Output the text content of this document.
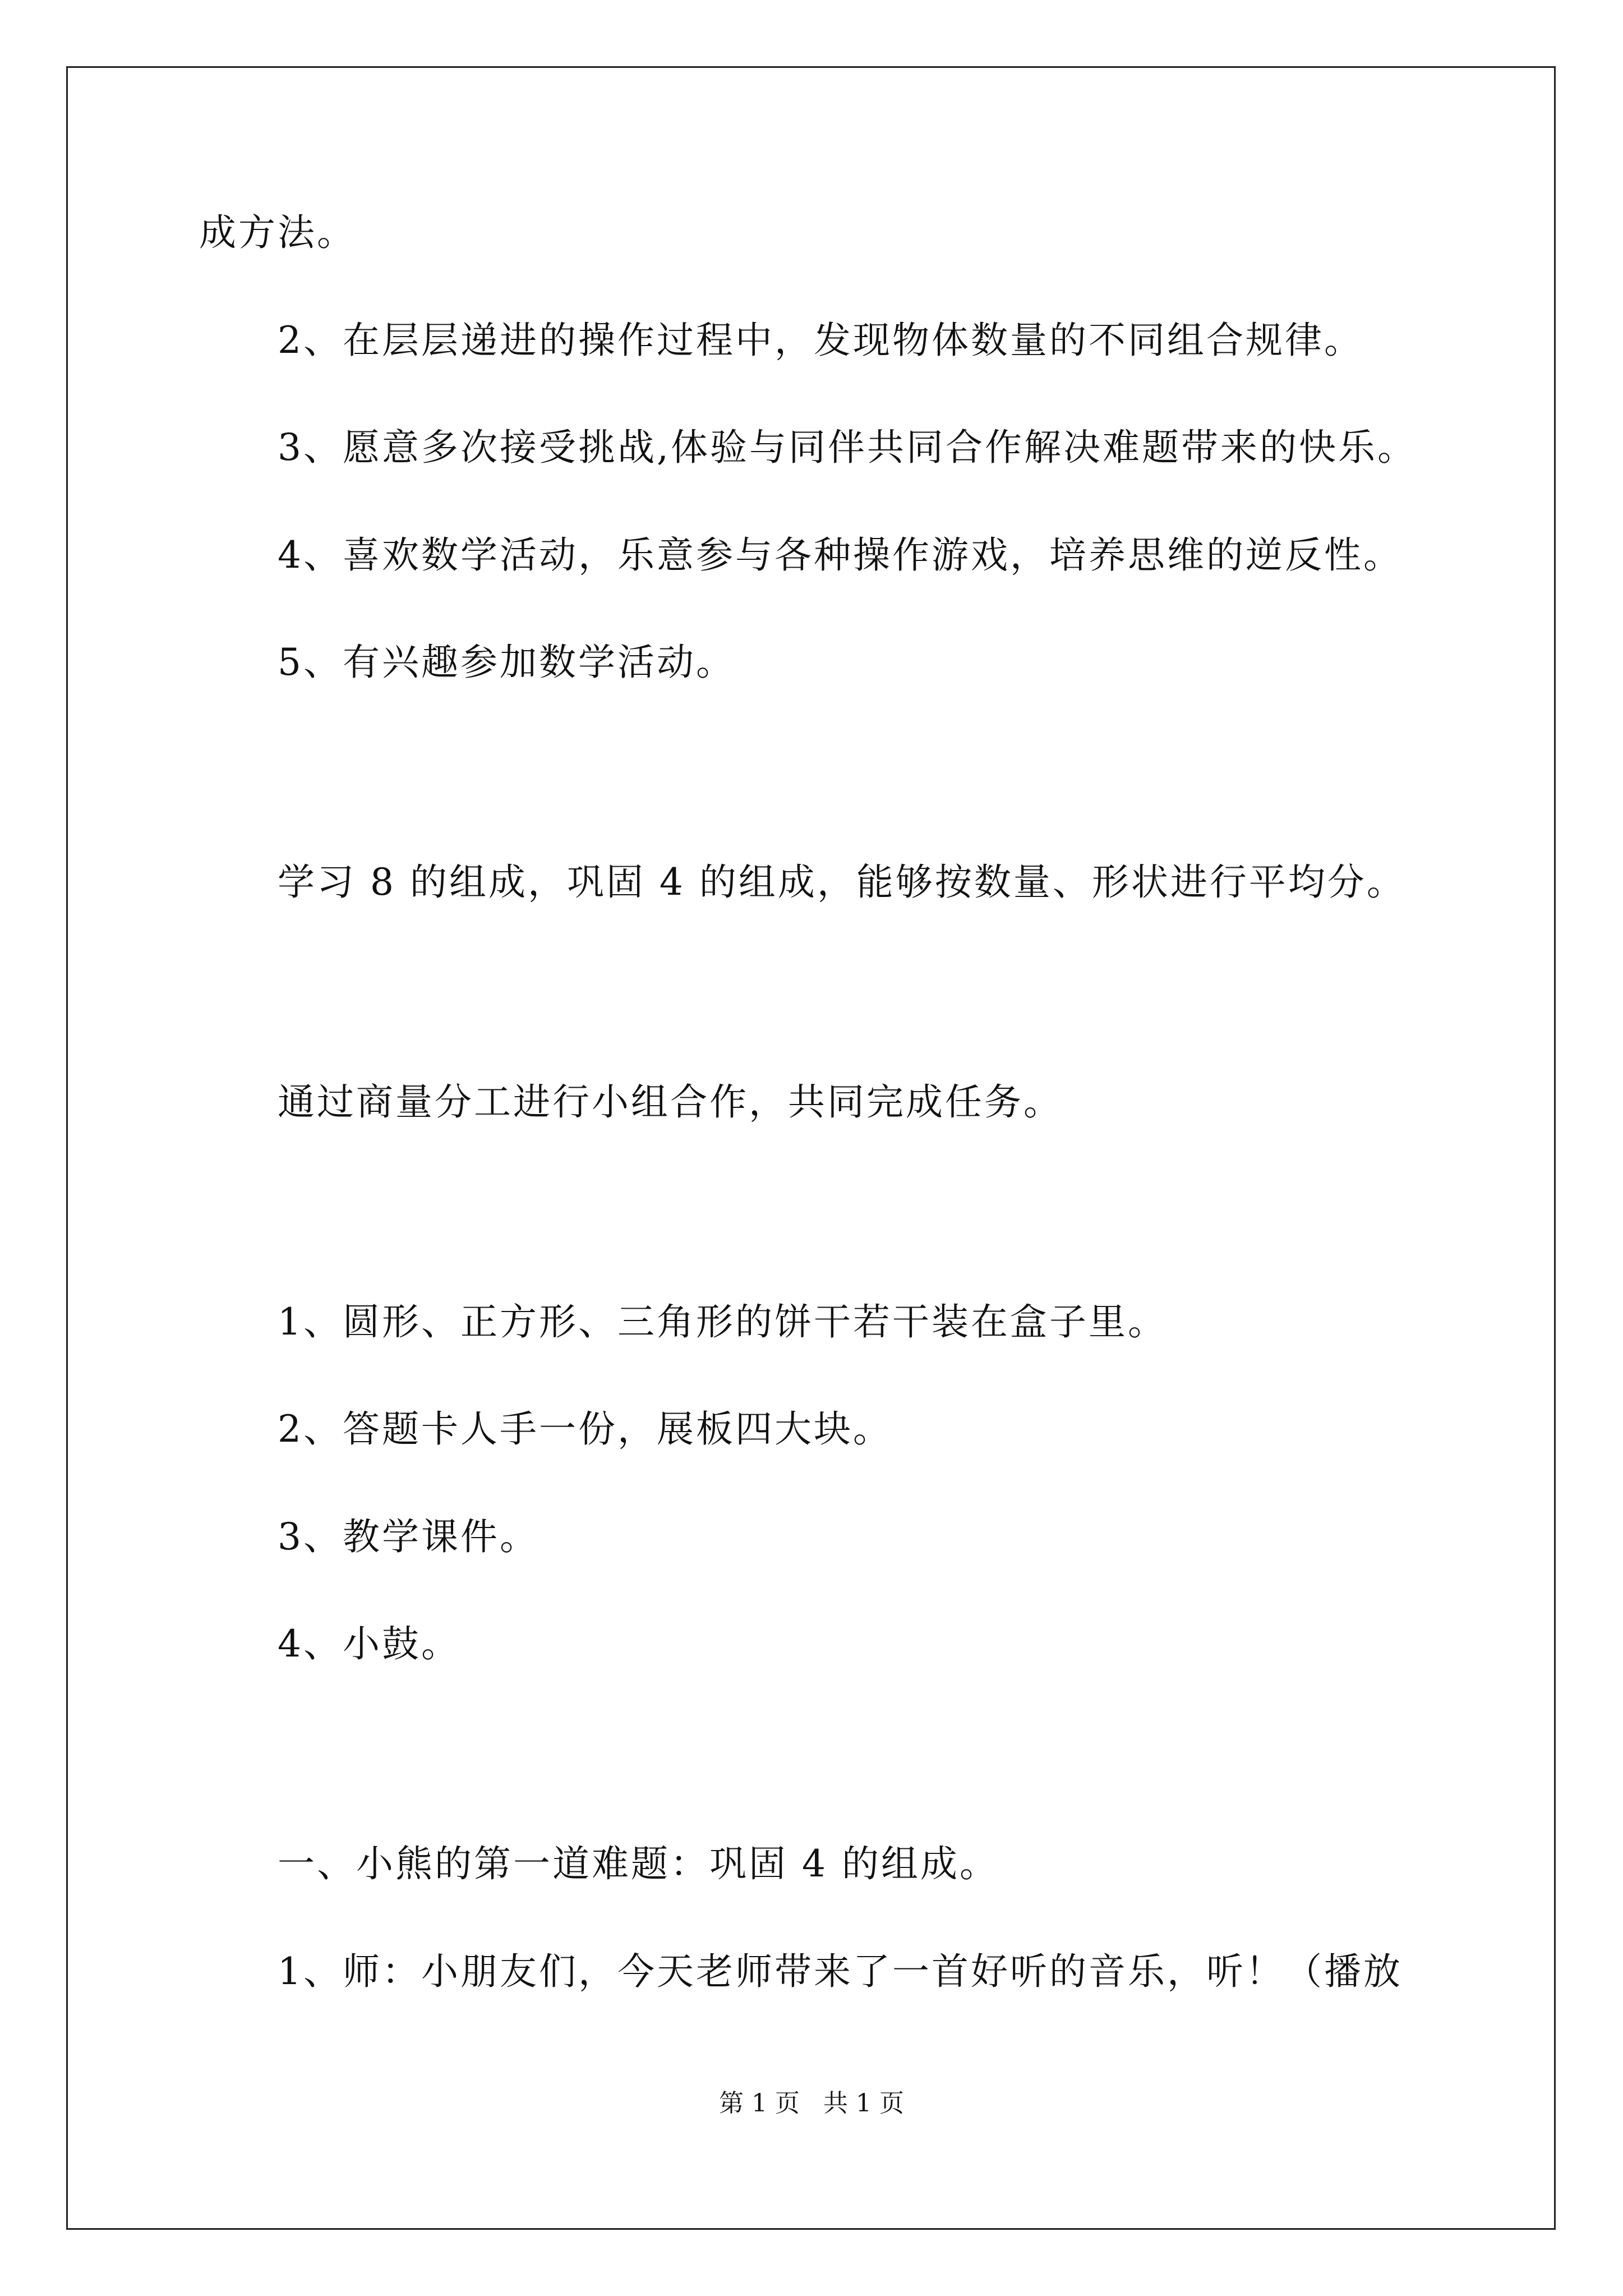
成方法。
2、在层层递进的操作过程中，发现物体数量的不同组合规律。
3、愿意多次接受挑战,体验与同伴共同合作解决难题带来的快乐。
4、喜欢数学活动，乐意参与各种操作游戏，培养思维的逆反性。
5、有兴趣参加数学活动。
学习 8 的组成，巩固 4 的组成，能够按数量、形状进行平均分。
通过商量分工进行小组合作，共同完成任务。
1、圆形、正方形、三角形的饼干若干装在盒子里。
2、答题卡人手一份，展板四大块。
3、教学课件。
4、小鼓。
一、小熊的第一道难题：巩固 4 的组成。
1、师：小朋友们，今天老师带来了一首好听的音乐，听！（播放
第 1 页   共 1 页
